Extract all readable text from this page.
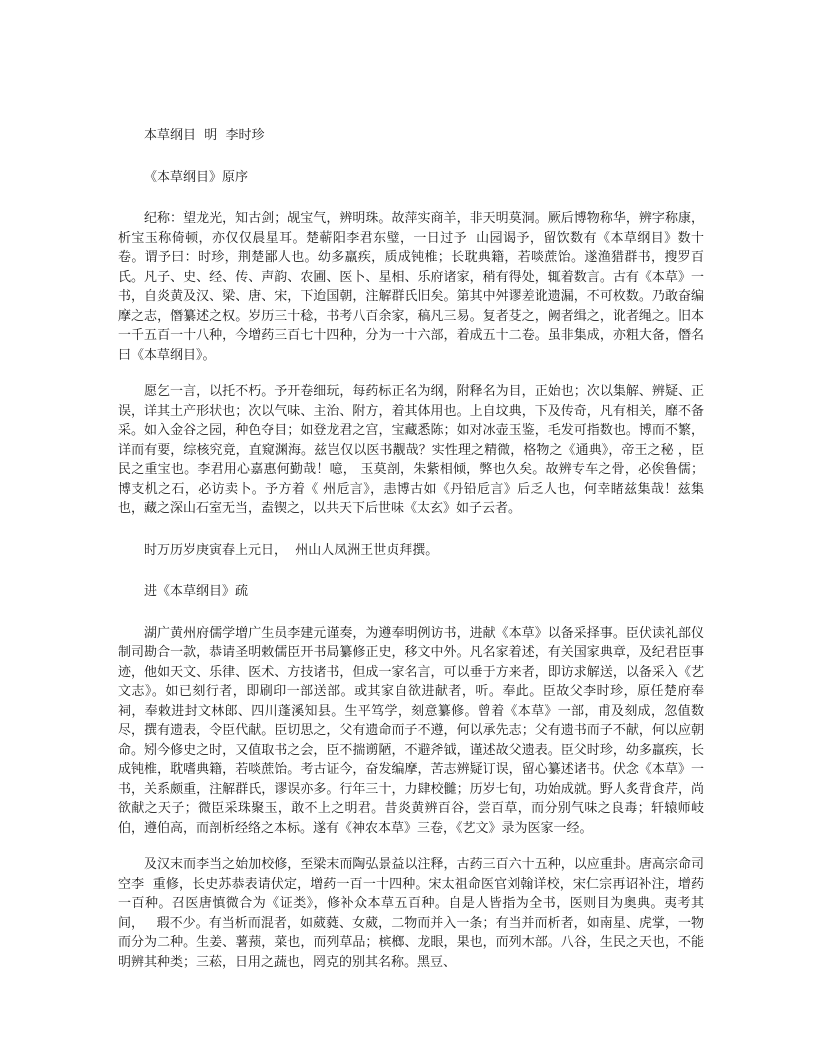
本草纲目  明  李时珍

《本草纲目》原序

纪称：望龙光，知古剑；觇宝气，辨明珠。故萍实商羊，非天明莫洞。厥后博物称华，辨字称康，析宝玉称倚顿，亦仅仅晨星耳。楚蕲阳李君东璧，一日过予  山园谒予，留饮数有《本草纲目》数十卷。谓予曰：时珍，荆楚鄙人也。幼多羸疾，质成钝椎；长耽典籍，若啖蔗饴。遂渔猎群书，搜罗百氏。凡子、史、经、传、声韵、农圃、医卜、星相、乐府诸家，稍有得处，辄着数言。古有《本草》一书，自炎黄及汉、梁、唐、宋，下迨国朝，注解群氏旧矣。第其中舛谬差讹遗漏，不可枚数。乃敢奋编摩之志，僭纂述之权。岁历三十稔，书考八百余家，稿凡三易。复者芟之，阙者缉之，讹者绳之。旧本一千五百一十八种，今增药三百七十四种，分为一十六部，着成五十二卷。虽非集成，亦粗大备，僭名曰《本草纲目》。

愿乞一言，以托不朽。予开卷细玩，每药标正名为纲，附释名为目，正始也；次以集解、辨疑、正误，详其土产形状也；次以气味、主治、附方，着其体用也。上自坟典，下及传奇，凡有相关，靡不备采。如入金谷之园，种色夺目；如登龙君之宫，宝藏悉陈；如对冰壶玉鉴，毛发可指数也。博而不繁，详而有要，综核究竟，直窥渊海。兹岂仅以医书觏哉？实性理之精微，格物之《通典》，帝王之秘 ，臣民之重宝也。李君用心嘉惠何勤哉！噫， 玉莫剖，朱紫相倾，弊也久矣。故辨专车之骨，必俟鲁儒；博支机之石，必访卖卜。予方着《 州卮言》，恚博古如《丹铅卮言》后乏人也，何幸睹兹集哉！兹集也，藏之深山石室无当，盍锲之，以共天下后世味《太玄》如子云者。

时万历岁庚寅春上元日，  州山人凤洲王世贞拜撰。

进《本草纲目》疏

湖广黄州府儒学增广生员李建元谨奏，为遵奉明例访书，进献《本草》以备采择事。臣伏读礼部仪制司勘合一款，恭请圣明敕儒臣开书局纂修正史，移文中外。凡名家着述，有关国家典章，及纪君臣事迹，他如天文、乐律、医术、方技诸书，但成一家名言，可以垂于方来者，即访求解送，以备采入《艺文志》。如已刻行者，即刷印一部送部。或其家自欲进献者，听。奉此。臣故父李时珍，原任楚府奉祠，奉敕进封文林郎、四川蓬溪知县。生平笃学，刻意纂修。曾着《本草》一部，甫及刻成，忽值数尽，撰有遗表，令臣代献。臣切思之，父有遗命而子不遵，何以承先志；父有遗书而子不献，何以应朝命。矧今修史之时，又值取书之会，臣不揣谫陋，不避斧钺，谨述故父遗表。臣父时珍，幼多羸疾，长成钝椎，耽嗜典籍，若啖蔗饴。考古证今，奋发编摩，苦志辨疑订误，留心纂述诸书。伏念《本草》一书，关系颇重，注解群氏，谬误亦多。行年三十，力肆校雠；历岁七旬，功始成就。野人炙背食芹，尚欲献之天子；微臣采珠聚玉，敢不上之明君。昔炎黄辨百谷，尝百草，而分别气味之良毒；轩辕师岐伯，遵伯高，而剖析经络之本标。遂有《神农本草》三卷，《艺文》录为医家一经。

及汉末而李当之始加校修，至梁末而陶弘景益以注释，古药三百六十五种，以应重卦。唐高宗命司空李  重修，长史苏恭表请伏定，增药一百一十四种。宋太祖命医官刘翰详校，宋仁宗再诏补注，增药一百种。召医唐慎微合为《证类》，修补众本草五百种。自是人皆指为全书，医则目为奥典。夷考其间，   瑕不少。有当析而混者，如葳蕤、女葳，二物而并入一条；有当并而析者，如南星、虎掌，一物而分为二种。生姜、薯蓣，菜也，而列草品；槟榔、龙眼，果也，而列木部。八谷，生民之天也，不能明辨其种类；三菘，日用之蔬也，罔克的别其名称。黑豆、
